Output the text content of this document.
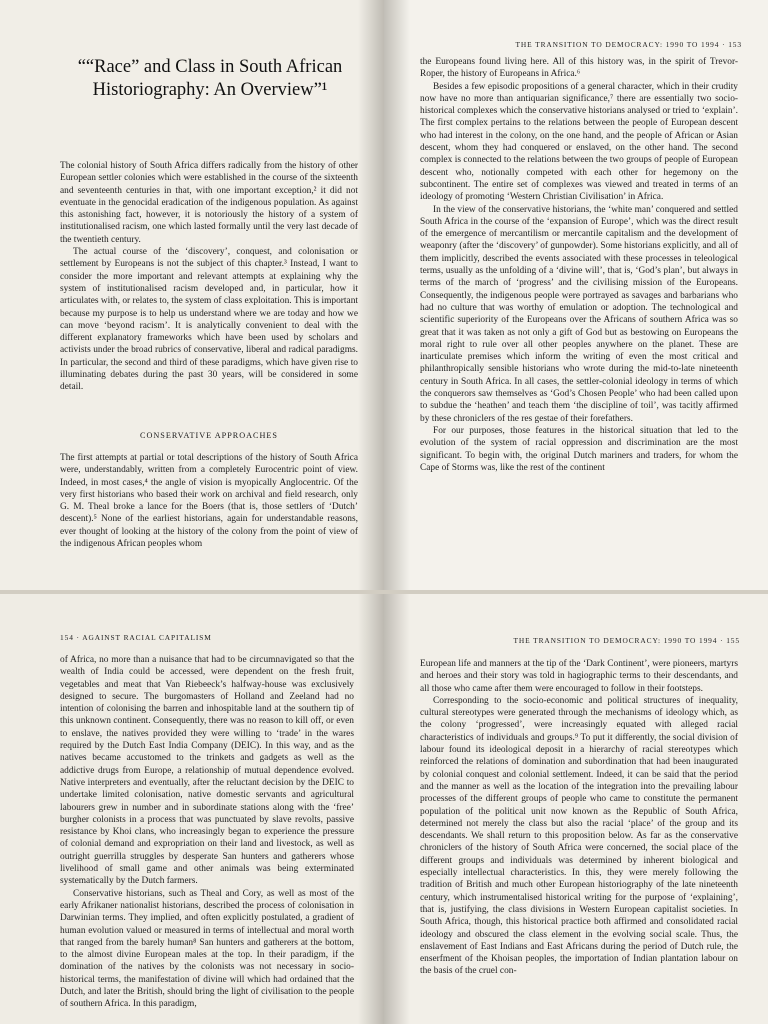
““Race” and Class in South African Historiography: An Overview”¹

The colonial history of South Africa differs radically from the history of other European settler colonies which were established in the course of the sixteenth and seventeenth centuries in that, with one important exception,² it did not eventuate in the genocidal eradication of the indigenous population. As against this astonishing fact, however, it is notoriously the history of a system of institutionalised racism, one which lasted formally until the very last decade of the twentieth century.

The actual course of the ‘discovery’, conquest, and colonisation or settlement by Europeans is not the subject of this chapter.³ Instead, I want to consider the more important and relevant attempts at explaining why the system of institutionalised racism developed and, in particular, how it articulates with, or relates to, the system of class exploitation. This is important because my purpose is to help us understand where we are today and how we can move ‘beyond racism’. It is analytically convenient to deal with the different explanatory frameworks which have been used by scholars and activists under the broad rubrics of conservative, liberal and radical paradigms. In particular, the second and third of these paradigms, which have given rise to illuminating debates during the past 30 years, will be considered in some detail.

CONSERVATIVE APPROACHES

The first attempts at partial or total descriptions of the history of South Africa were, understandably, written from a completely Eurocentric point of view. Indeed, in most cases,⁴ the angle of vision is myopically Anglocentric. Of the very first historians who based their work on archival and field research, only G. M. Theal broke a lance for the Boers (that is, those settlers of ‘Dutch’ descent).⁵ None of the earliest historians, again for understandable reasons, ever thought of looking at the history of the colony from the point of view of the indigenous African peoples whom

THE TRANSITION TO DEMOCRACY: 1990 TO 1994 · 153

the Europeans found living here. All of this history was, in the spirit of Trevor-Roper, the history of Europeans in Africa.⁶

Besides a few episodic propositions of a general character, which in their crudity now have no more than antiquarian significance,⁷ there are essentially two socio-historical complexes which the conservative historians analysed or tried to ‘explain’. The first complex pertains to the relations between the people of European descent who had interest in the colony, on the one hand, and the people of African or Asian descent, whom they had conquered or enslaved, on the other hand. The second complex is connected to the relations between the two groups of people of European descent who, notionally competed with each other for hegemony on the subcontinent. The entire set of complexes was viewed and treated in terms of an ideology of promoting ‘Western Christian Civilisation’ in Africa.

In the view of the conservative historians, the ‘white man’ conquered and settled South Africa in the course of the ‘expansion of Europe’, which was the direct result of the emergence of mercantilism or mercantile capitalism and the development of weaponry (after the ‘discovery’ of gunpowder). Some historians explicitly, and all of them implicitly, described the events associated with these processes in teleological terms, usually as the unfolding of a ‘divine will’, that is, ‘God’s plan’, but always in terms of the march of ‘progress’ and the civilising mission of the Europeans. Consequently, the indigenous people were portrayed as savages and barbarians who had no culture that was worthy of emulation or adoption. The technological and scientific superiority of the Europeans over the Africans of southern Africa was so great that it was taken as not only a gift of God but as bestowing on Europeans the moral right to rule over all other peoples anywhere on the planet. These are inarticulate premises which inform the writing of even the most critical and philanthropically sensible historians who wrote during the mid-to-late nineteenth century in South Africa. In all cases, the settler-colonial ideology in terms of which the conquerors saw themselves as ‘God’s Chosen People’ who had been called upon to subdue the ‘heathen’ and teach them ‘the discipline of toil’, was tacitly affirmed by these chroniclers of the res gestae of their forefathers.

For our purposes, those features in the historical situation that led to the evolution of the system of racial oppression and discrimination are the most significant. To begin with, the original Dutch mariners and traders, for whom the Cape of Storms was, like the rest of the continent

154 · AGAINST RACIAL CAPITALISM

of Africa, no more than a nuisance that had to be circumnavigated so that the wealth of India could be accessed, were dependent on the fresh fruit, vegetables and meat that Van Riebeeck’s halfway-house was exclusively designed to secure. The burgomasters of Holland and Zeeland had no intention of colonising the barren and inhospitable land at the southern tip of this unknown continent. Consequently, there was no reason to kill off, or even to enslave, the natives provided they were willing to ‘trade’ in the wares required by the Dutch East India Company (DEIC). In this way, and as the natives became accustomed to the trinkets and gadgets as well as the addictive drugs from Europe, a relationship of mutual dependence evolved. Native interpreters and eventually, after the reluctant decision by the DEIC to undertake limited colonisation, native domestic servants and agricultural labourers grew in number and in subordinate stations along with the ‘free’ burgher colonists in a process that was punctuated by slave revolts, passive resistance by Khoi clans, who increasingly began to experience the pressure of colonial demand and expropriation on their land and livestock, as well as outright guerrilla struggles by desperate San hunters and gatherers whose livelihood of small game and other animals was being exterminated systematically by the Dutch farmers.

Conservative historians, such as Theal and Cory, as well as most of the early Afrikaner nationalist historians, described the process of colonisation in Darwinian terms. They implied, and often explicitly postulated, a gradient of human evolution valued or measured in terms of intellectual and moral worth that ranged from the barely human⁸ San hunters and gatherers at the bottom, to the almost divine European males at the top. In their paradigm, if the domination of the natives by the colonists was not necessary in socio-historical terms, the manifestation of divine will which had ordained that the Dutch, and later the British, should bring the light of civilisation to the people of southern Africa. In this paradigm,

THE TRANSITION TO DEMOCRACY: 1990 TO 1994 · 155

European life and manners at the tip of the ‘Dark Continent’, were pioneers, martyrs and heroes and their story was told in hagiographic terms to their descendants, and all those who came after them were encouraged to follow in their footsteps.

Corresponding to the socio-economic and political structures of inequality, cultural stereotypes were generated through the mechanisms of ideology which, as the colony ‘progressed’, were increasingly equated with alleged racial characteristics of individuals and groups.⁹ To put it differently, the social division of labour found its ideological deposit in a hierarchy of racial stereotypes which reinforced the relations of domination and subordination that had been inaugurated by colonial conquest and colonial settlement. Indeed, it can be said that the period and the manner as well as the location of the integration into the prevailing labour processes of the different groups of people who came to constitute the permanent population of the political unit now known as the Republic of South Africa, determined not merely the class but also the racial ‘place’ of the group and its descendants. We shall return to this proposition below. As far as the conservative chroniclers of the history of South Africa were concerned, the social place of the different groups and individuals was determined by inherent biological and especially intellectual characteristics. In this, they were merely following the tradition of British and much other European historiography of the late nineteenth century, which instrumentalised historical writing for the purpose of ‘explaining’, that is, justifying, the class divisions in Western European capitalist societies. In South Africa, though, this historical practice both affirmed and consolidated racial ideology and obscured the class element in the evolving social scale. Thus, the enslavement of East Indians and East Africans during the period of Dutch rule, the enserfment of the Khoisan peoples, the importation of Indian plantation labour on the basis of the cruel con-
